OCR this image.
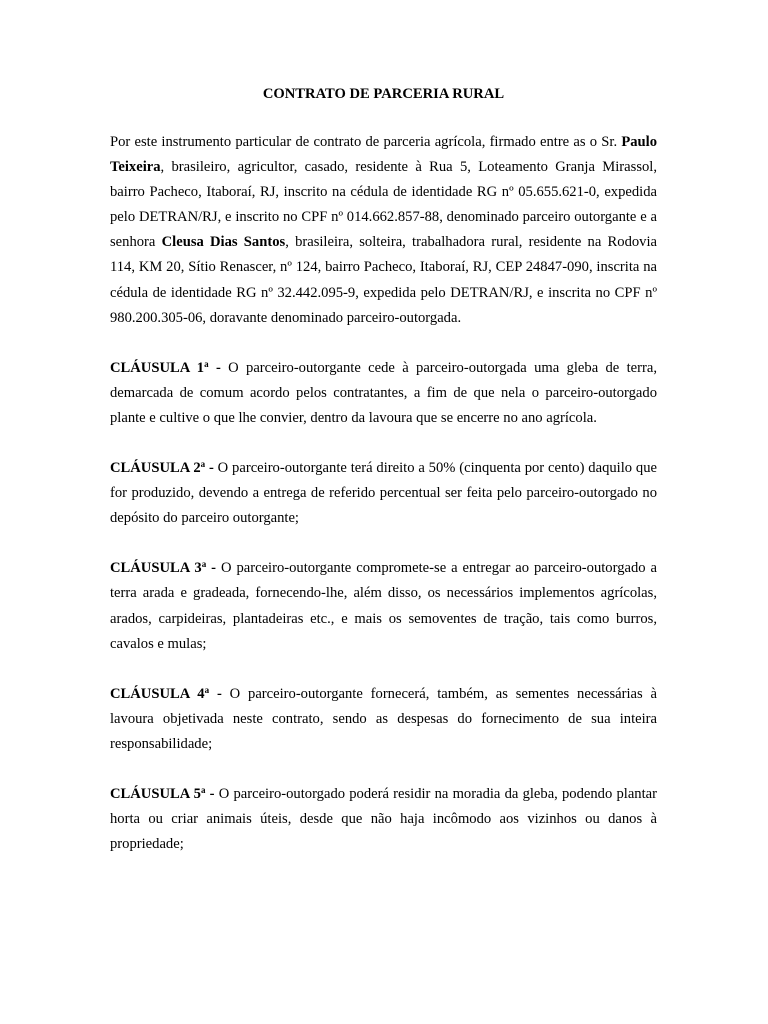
CONTRATO DE PARCERIA RURAL

Por este instrumento particular de contrato de parceria agrícola, firmado entre as o Sr. Paulo Teixeira, brasileiro, agricultor, casado, residente à Rua 5, Loteamento Granja Mirassol, bairro Pacheco, Itaboraí, RJ, inscrito na cédula de identidade RG nº 05.655.621-0, expedida pelo DETRAN/RJ, e inscrito no CPF nº 014.662.857-88, denominado parceiro outorgante e a senhora Cleusa Dias Santos, brasileira, solteira, trabalhadora rural, residente na Rodovia 114, KM 20, Sítio Renascer, nº 124, bairro Pacheco, Itaboraí, RJ, CEP 24847-090, inscrita na cédula de identidade RG nº 32.442.095-9, expedida pelo DETRAN/RJ, e inscrita no CPF nº 980.200.305-06, doravante denominado parceiro-outorgada.

CLÁUSULA 1$^a$ - O parceiro-outorgante cede à parceiro-outorgada uma gleba de terra, demarcada de comum acordo pelos contratantes, a fim de que nela o parceiro-outorgado plante e cultive o que lhe convier, dentro da lavoura que se encerre no ano agrícola.

CLÁUSULA 2$^a$ - O parceiro-outorgante terá direito a 50% (cinquenta por cento) daquilo que for produzido, devendo a entrega de referido percentual ser feita pelo parceiro-outorgado no depósito do parceiro outorgante;

CLÁUSULA 3$^a$ - O parceiro-outorgante compromete-se a entregar ao parceiro-outorgado a terra arada e gradeada, fornecendo-lhe, além disso, os necessários implementos agrícolas, arados, carpideiras, plantadeiras etc., e mais os semoventes de tração, tais como burros, cavalos e mulas;

CLÁUSULA 4$^a$ - O parceiro-outorgante fornecerá, também, as sementes necessárias à lavoura objetivada neste contrato, sendo as despesas do fornecimento de sua inteira responsabilidade;

CLÁUSULA 5$^a$ - O parceiro-outorgado poderá residir na moradia da gleba, podendo plantar horta ou criar animais úteis, desde que não haja incômodo aos vizinhos ou danos à propriedade;
